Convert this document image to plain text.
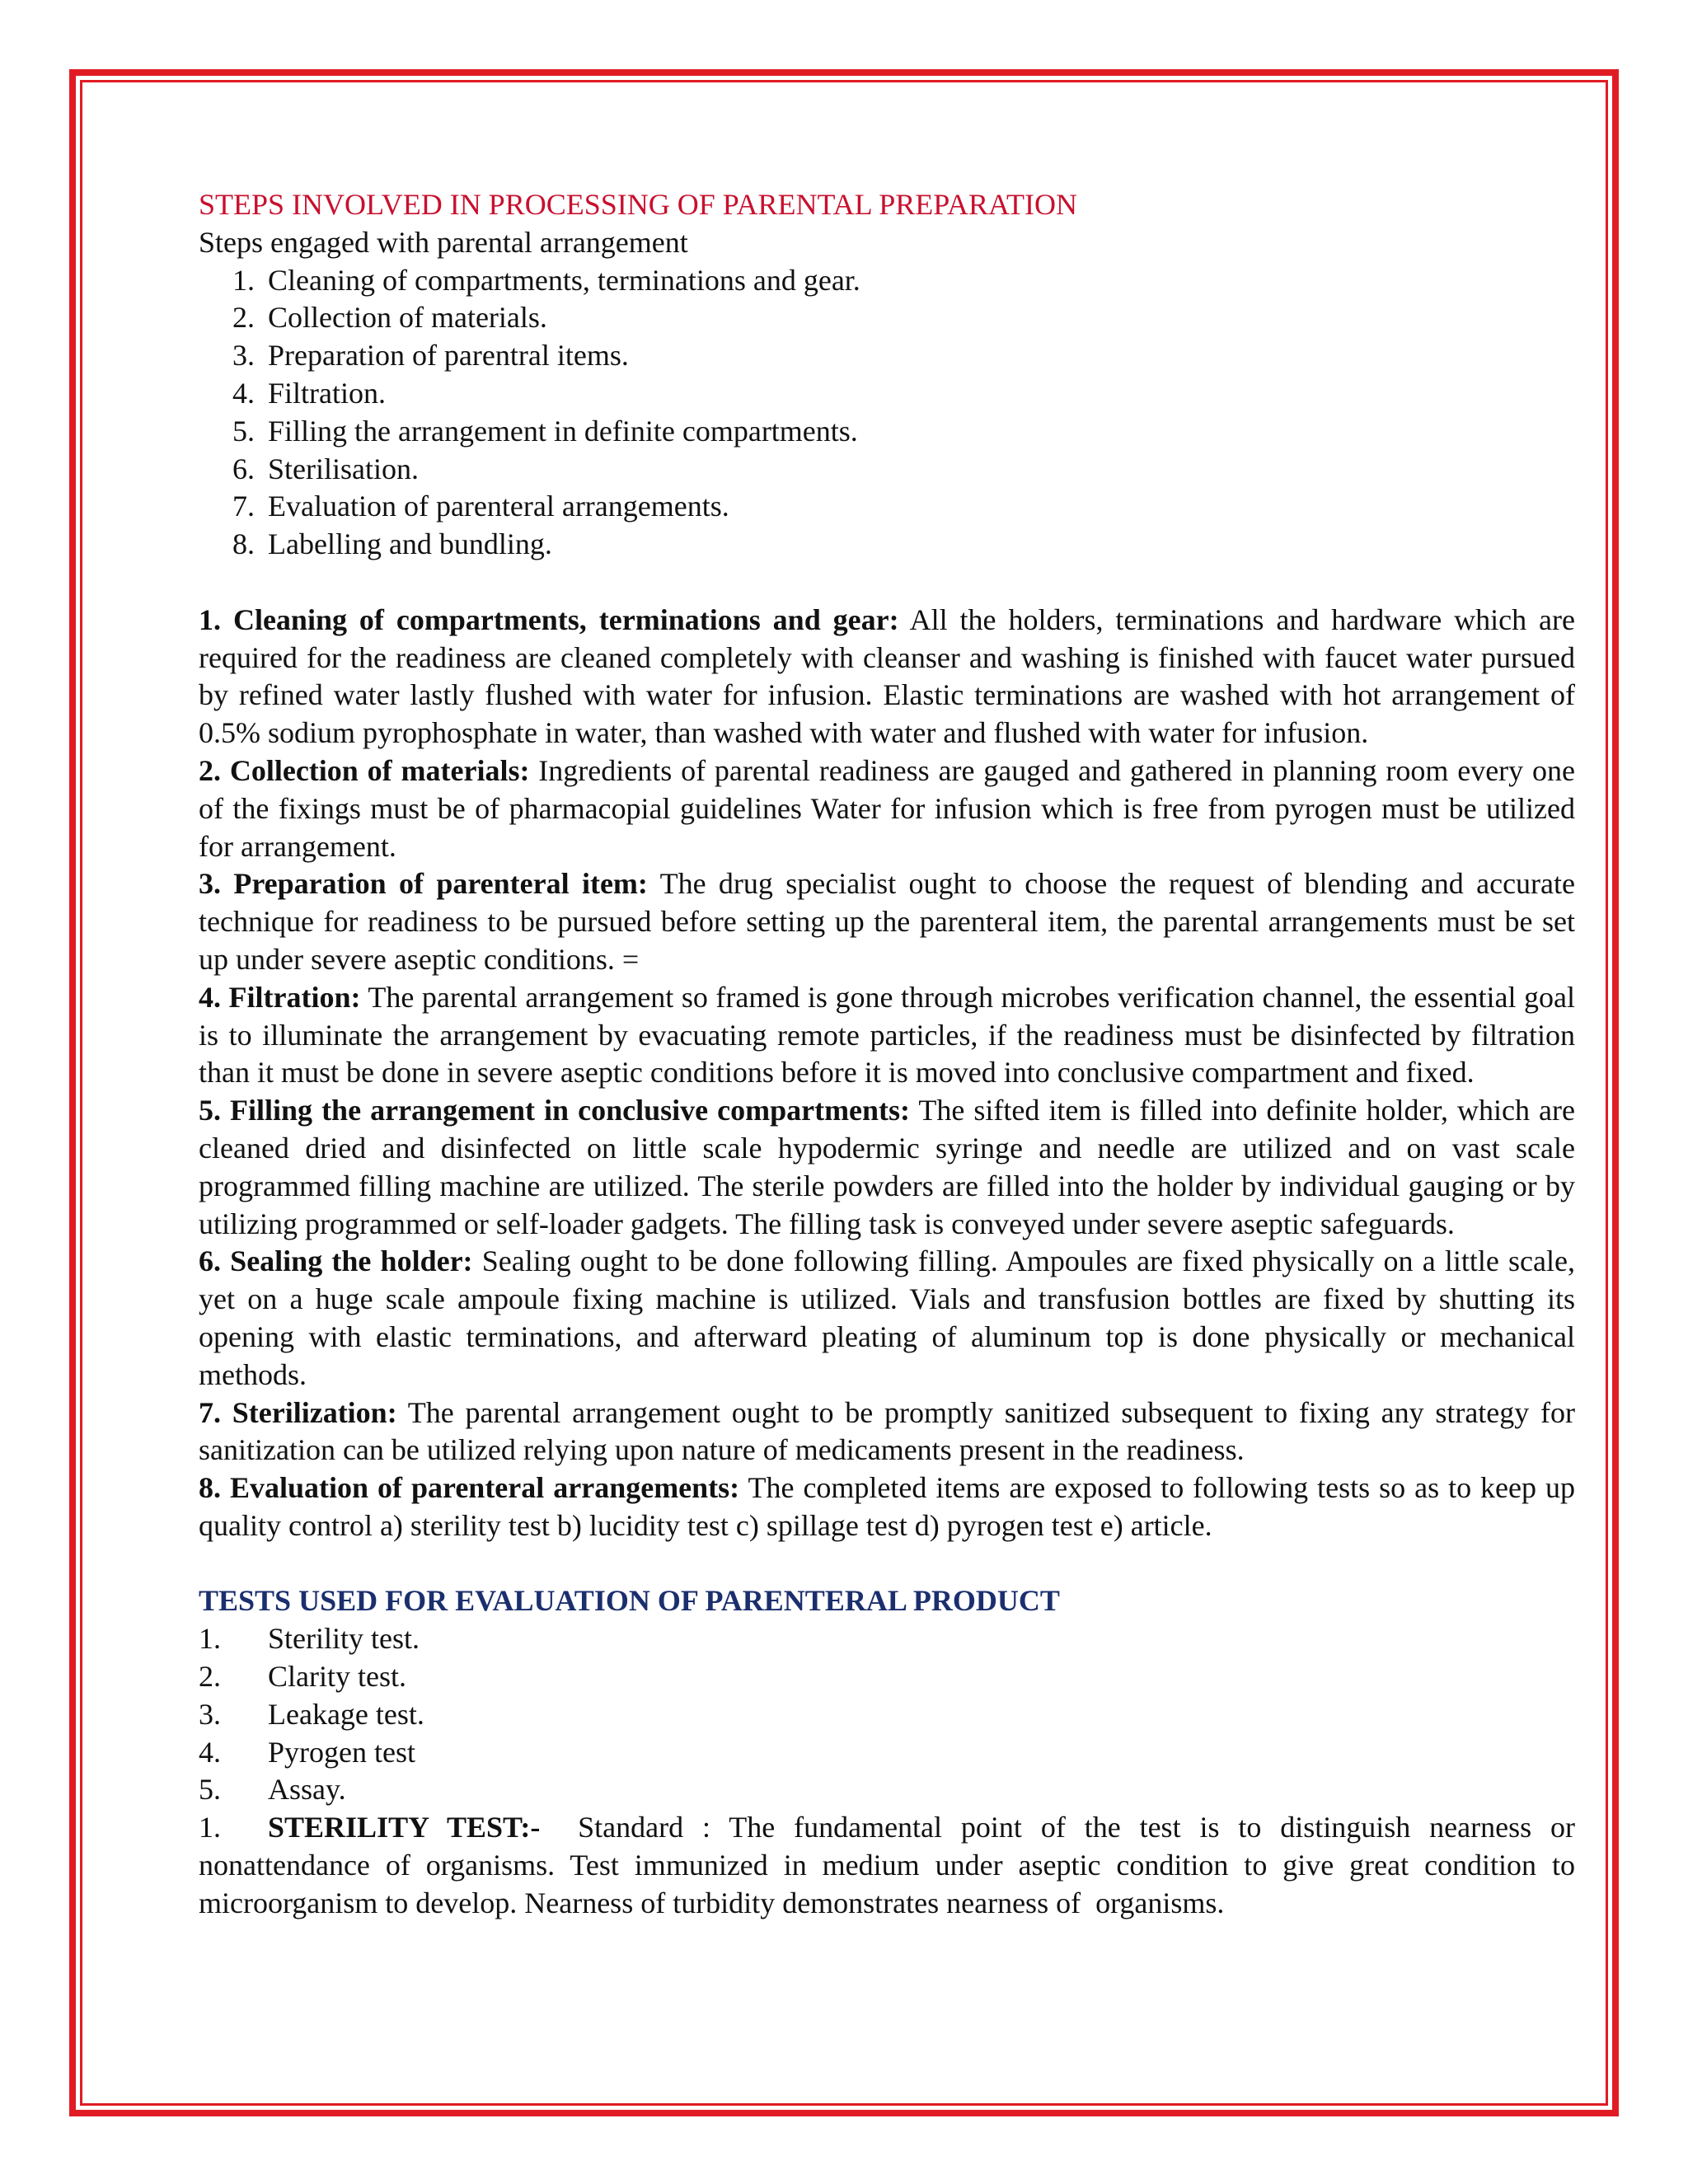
STEPS INVOLVED IN PROCESSING OF PARENTAL PREPARATION
Steps engaged with parental arrangement
1. Cleaning of compartments, terminations and gear.
2. Collection of materials.
3. Preparation of parentral items.
4. Filtration.
5. Filling the arrangement in definite compartments.
6. Sterilisation.
7. Evaluation of parenteral arrangements.
8. Labelling and bundling.
1. Cleaning of compartments, terminations and gear: All the holders, terminations and hardware which are required for the readiness are cleaned completely with cleanser and washing is finished with faucet water pursued by refined water lastly flushed with water for infusion. Elastic terminations are washed with hot arrangement of 0.5% sodium pyrophosphate in water, than washed with water and flushed with water for infusion.
2. Collection of materials: Ingredients of parental readiness are gauged and gathered in planning room every one of the fixings must be of pharmacopial guidelines Water for infusion which is free from pyrogen must be utilized for arrangement.
3. Preparation of parenteral item: The drug specialist ought to choose the request of blending and accurate technique for readiness to be pursued before setting up the parenteral item, the parental arrangements must be set up under severe aseptic conditions. =
4. Filtration: The parental arrangement so framed is gone through microbes verification channel, the essential goal is to illuminate the arrangement by evacuating remote particles, if the readiness must be disinfected by filtration than it must be done in severe aseptic conditions before it is moved into conclusive compartment and fixed.
5. Filling the arrangement in conclusive compartments: The sifted item is filled into definite holder, which are cleaned dried and disinfected on little scale hypodermic syringe and needle are utilized and on vast scale programmed filling machine are utilized. The sterile powders are filled into the holder by individual gauging or by utilizing programmed or self-loader gadgets. The filling task is conveyed under severe aseptic safeguards.
6. Sealing the holder: Sealing ought to be done following filling. Ampoules are fixed physically on a little scale, yet on a huge scale ampoule fixing machine is utilized. Vials and transfusion bottles are fixed by shutting its opening with elastic terminations, and afterward pleating of aluminum top is done physically or mechanical methods.
7. Sterilization: The parental arrangement ought to be promptly sanitized subsequent to fixing any strategy for sanitization can be utilized relying upon nature of medicaments present in the readiness.
8. Evaluation of parenteral arrangements: The completed items are exposed to following tests so as to keep up quality control a) sterility test b) lucidity test c) spillage test d) pyrogen test e) article.
TESTS USED FOR EVALUATION OF PARENTERAL PRODUCT
1.	Sterility test.
2.	Clarity test.
3.	Leakage test.
4.	Pyrogen test
5.	Assay.
1. STERILITY TEST:-  Standard : The fundamental point of the test is to distinguish nearness or nonattendance of organisms. Test immunized in medium under aseptic condition to give great condition to microorganism to develop. Nearness of turbidity demonstrates nearness of  organisms.
